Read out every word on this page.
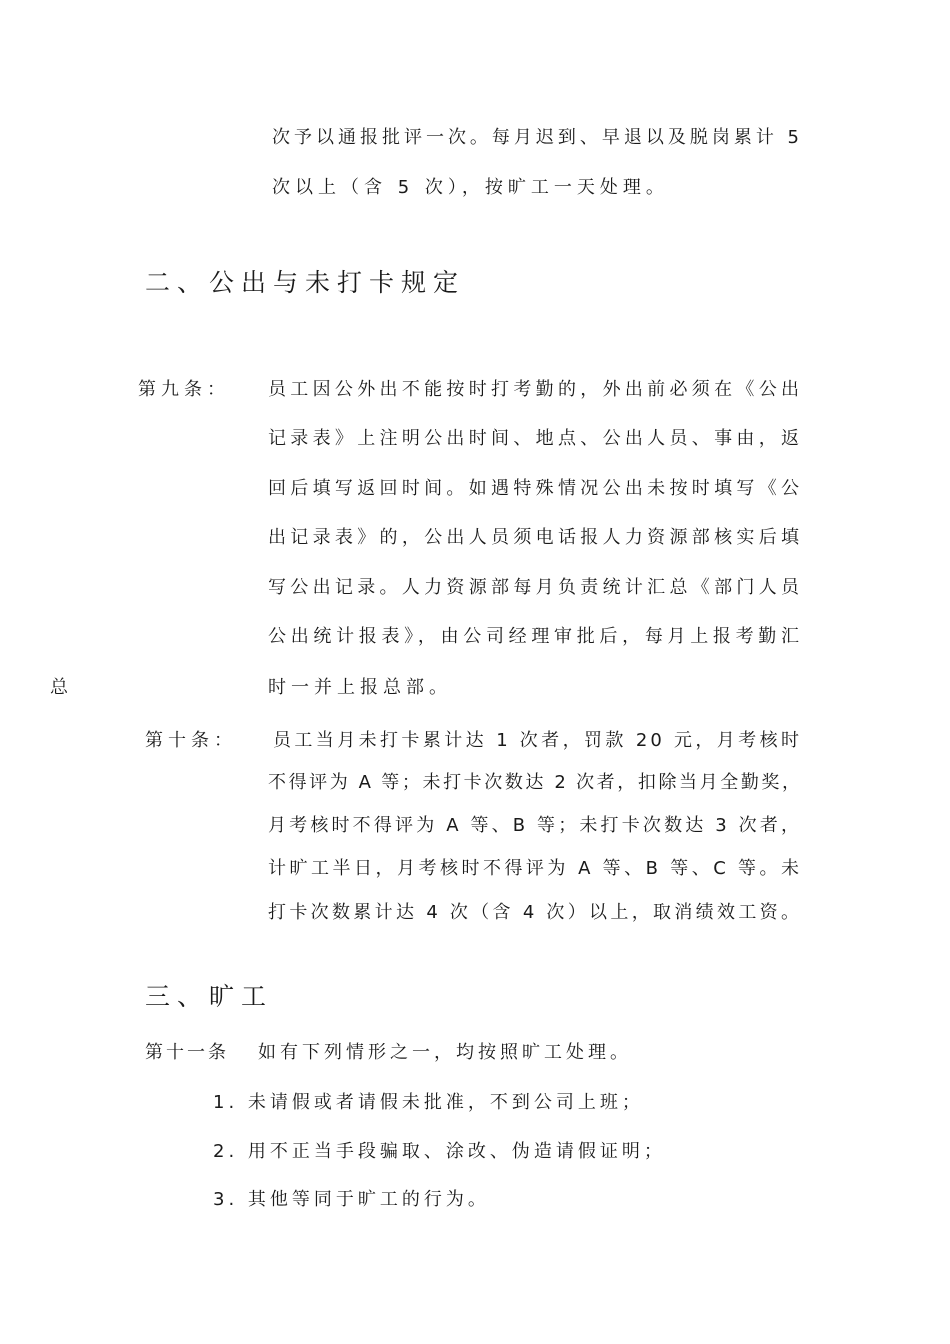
次予以通报批评一次。每月迟到、早退以及脱岗累计 5
次以上（含 5 次），按旷工一天处理。
二、公出与未打卡规定
第九条： 员工因公外出不能按时打考勤的，外出前必须在《公出
记录表》上注明公出时间、地点、公出人员、事由，返
回后填写返回时间。如遇特殊情况公出未按时填写《公
出记录表》的，公出人员须电话报人力资源部核实后填
写公出记录。人力资源部每月负责统计汇总《部门人员
公出统计报表》，由公司经理审批后，每月上报考勤汇
总	时一并上报总部。
第十条： 员工当月未打卡累计达 1 次者，罚款 20 元，月考核时
不得评为 A 等；未打卡次数达 2 次者，扣除当月全勤奖，
月考核时不得评为 A 等、B 等；未打卡次数达 3 次者，
计旷工半日，月考核时不得评为 A 等、B 等、C 等。未
打卡次数累计达 4 次（含 4 次）以上，取消绩效工资。
三、旷工
第十一条 如有下列情形之一，均按照旷工处理。
1. 未请假或者请假未批准，不到公司上班；
2. 用不正当手段骗取、涂改、伪造请假证明；
3. 其他等同于旷工的行为。
